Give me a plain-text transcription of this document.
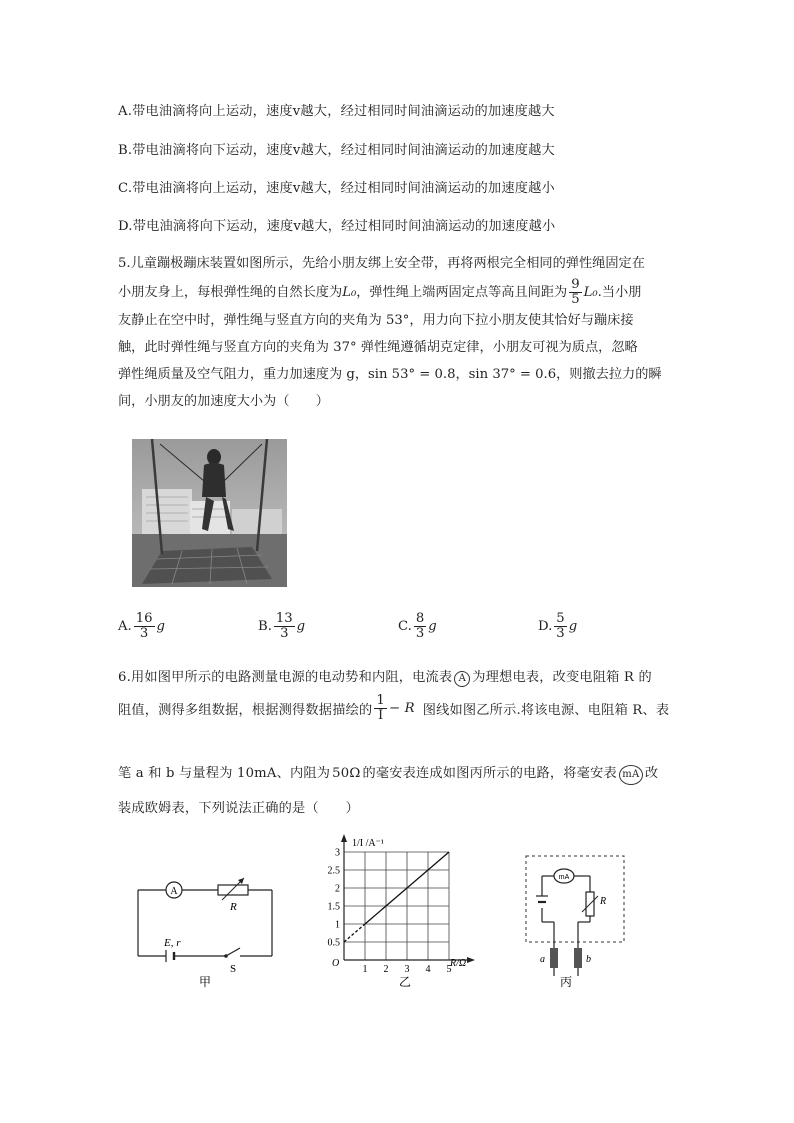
A.带电油滴将向上运动，速度v越大，经过相同时间油滴运动的加速度越大
B.带电油滴将向下运动，速度v越大，经过相同时间油滴运动的加速度越大
C.带电油滴将向上运动，速度v越大，经过相同时间油滴运动的加速度越小
D.带电油滴将向下运动，速度v越大，经过相同时间油滴运动的加速度越小
5.儿童蹦极蹦床装置如图所示，先给小朋友绑上安全带，再将两根完全相同的弹性绳固定在
小朋友身上，每根弹性绳的自然长度为 L₀ ，弹性绳上端两固定点等高且间距为 $\frac{9}{5} L_0$ .当小朋
友静止在空中时，弹性绳与竖直方向的夹角为 53°，用力向下拉小朋友使其恰好与蹦床接
触，此时弹性绳与竖直方向的夹角为 37° 弹性绳遵循胡克定律，小朋友可视为质点，忽略
弹性绳质量及空气阻力，重力加速度为 g，sin 53° = 0.8，sin 37° = 0.6，则撤去拉力的瞬
间，小朋友的加速度大小为（　　）
A. $\frac{16}{3}$ g	B. $\frac{13}{3}$ g	C. $\frac{8}{3}$ g	D. $\frac{5}{3}$ g
6.用如图甲所示的电路测量电源的电动势和内阻，电流表 A 为理想电表，改变电阻箱 R 的
阻值，测得多组数据，根据测得数据描绘的 $\frac{1}{I} - R$ 图线如图乙所示.将该电源、电阻箱 R、表
笔 a 和 b 与量程为 10mA、内阻为 50Ω 的毫安表连成如图丙所示的电路，将毫安表 mA 改
装成欧姆表，下列说法正确的是（　　）
A
R
E, r
S
甲
3
2.5
2
1.5
1
0.5
1 2 3 4 5
1/I /A⁻¹
R/Ω
O
乙
mA
R
a	b
丙
